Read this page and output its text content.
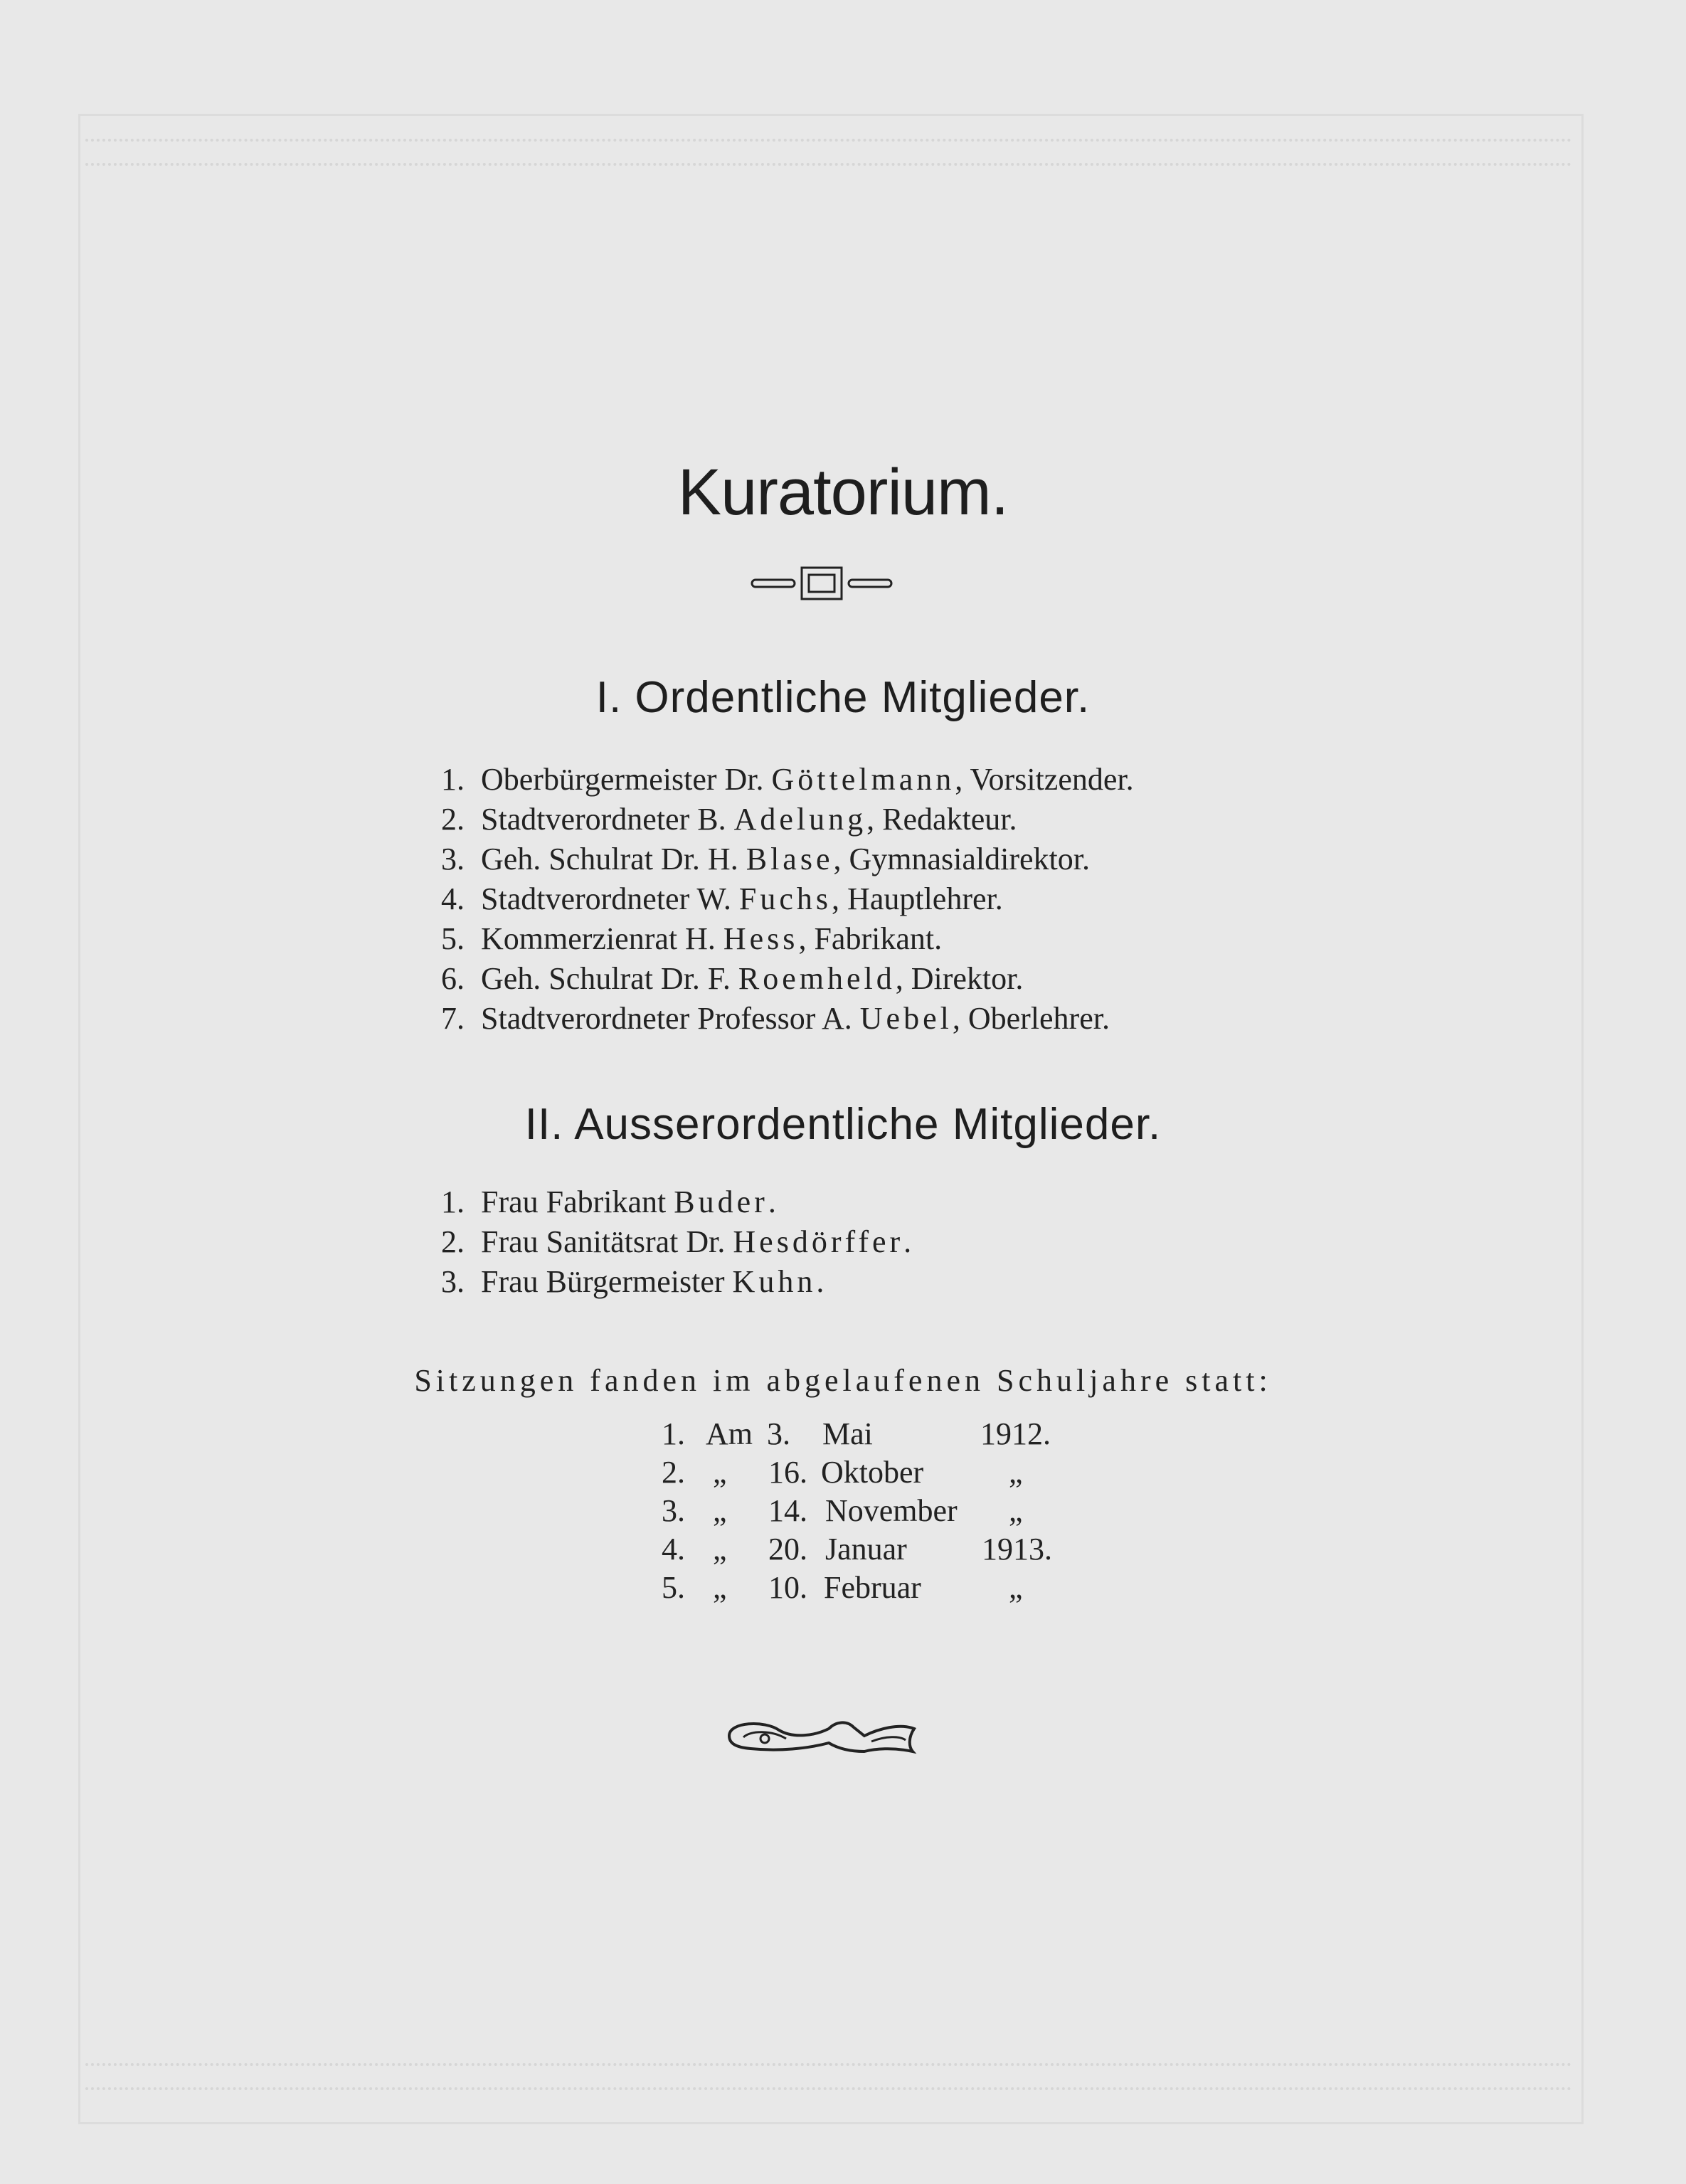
Kuratorium.
I. Ordentliche Mitglieder.
1. Oberbürgermeister Dr. Göttelmann, Vorsitzender.
2. Stadtverordneter B. Adelung, Redakteur.
3. Geh. Schulrat Dr. H. Blase, Gymnasialdirektor.
4. Stadtverordneter W. Fuchs, Hauptlehrer.
5. Kommerzienrat H. Hess, Fabrikant.
6. Geh. Schulrat Dr. F. Roemheld, Direktor.
7. Stadtverordneter Professor A. Uebel, Oberlehrer.
II. Ausserordentliche Mitglieder.
1. Frau Fabrikant Buder.
2. Frau Sanitätsrat Dr. Hesdörffer.
3. Frau Bürgermeister Kuhn.
Sitzungen fanden im abgelaufenen Schuljahre statt:
1. Am 3. Mai	1912.
2. „ 16. Oktober	„
3. „ 14. November „
4. „ 20. Januar 1913.
5. „ 10. Februar	„
